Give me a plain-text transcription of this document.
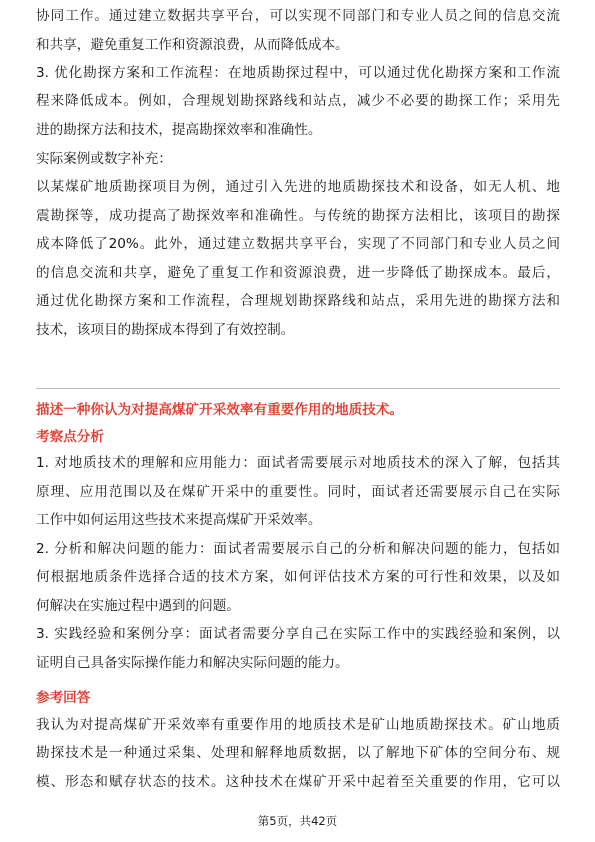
协同工作。通过建立数据共享平台，可以实现不同部门和专业人员之间的信息交流
和共享，避免重复工作和资源浪费，从而降低成本。
3. 优化勘探方案和工作流程：在地质勘探过程中，可以通过优化勘探方案和工作流
程来降低成本。例如，合理规划勘探路线和站点，减少不必要的勘探工作；采用先
进的勘探方法和技术，提高勘探效率和准确性。
实际案例或数字补充：
以某煤矿地质勘探项目为例，通过引入先进的地质勘探技术和设备，如无人机、地
震勘探等，成功提高了勘探效率和准确性。与传统的勘探方法相比，该项目的勘探
成本降低了20%。此外，通过建立数据共享平台，实现了不同部门和专业人员之间
的信息交流和共享，避免了重复工作和资源浪费，进一步降低了勘探成本。最后，
通过优化勘探方案和工作流程，合理规划勘探路线和站点，采用先进的勘探方法和
技术，该项目的勘探成本得到了有效控制。
描述一种你认为对提高煤矿开采效率有重要作用的地质技术。
考察点分析
1. 对地质技术的理解和应用能力：面试者需要展示对地质技术的深入了解，包括其
原理、应用范围以及在煤矿开采中的重要性。同时，面试者还需要展示自己在实际
工作中如何运用这些技术来提高煤矿开采效率。
2. 分析和解决问题的能力：面试者需要展示自己的分析和解决问题的能力，包括如
何根据地质条件选择合适的技术方案，如何评估技术方案的可行性和效果，以及如
何解决在实施过程中遇到的问题。
3. 实践经验和案例分享：面试者需要分享自己在实际工作中的实践经验和案例，以
证明自己具备实际操作能力和解决实际问题的能力。
参考回答
我认为对提高煤矿开采效率有重要作用的地质技术是矿山地质勘探技术。矿山地质
勘探技术是一种通过采集、处理和解释地质数据，以了解地下矿体的空间分布、规
模、形态和赋存状态的技术。这种技术在煤矿开采中起着至关重要的作用，它可以
第5页，共42页
